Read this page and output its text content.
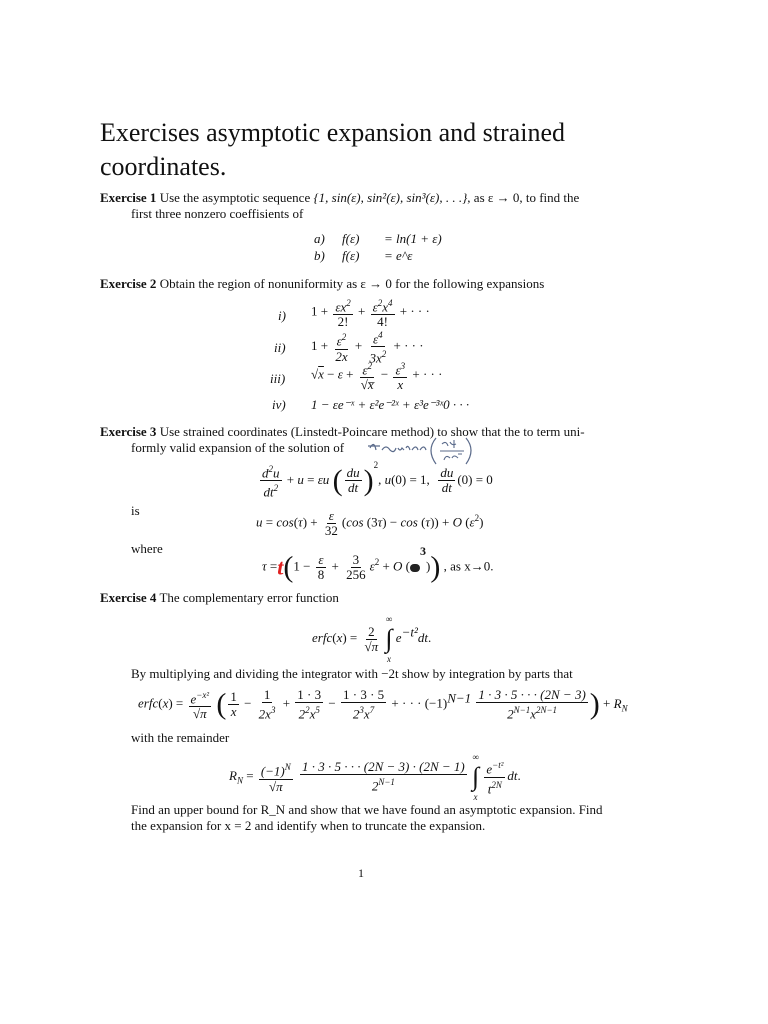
Exercises asymptotic expansion and strained coordinates.
Exercise 1 Use the asymptotic sequence {1, sin(ε), sin²(ε), sin³(ε), . . .}, as ε → 0, to find the
first three nonzero coeffisients of
a) f(ε) = ln(1 + ε)
b) f(ε) = e^ε
Exercise 2 Obtain the region of nonuniformity as ε → 0 for the following expansions
i) $1 + \frac{\varepsilon x^2}{2!} + \frac{\varepsilon^2x^4}{4!}$ + · · ·
ii) $1 + \frac{\varepsilon^2}{2x} + \frac{\varepsilon^4}{3x^2}$ + · · ·
iii) $√x - \varepsilon + \frac{\varepsilon^2}{√x̅} - \frac{\varepsilon^3}{x}$ + · · ·
iv) 1 − εe⁻ˣ + ε²e⁻²ˣ + ε³e⁻³ˣ0 · · ·
Exercise 3 Use strained coordinates (Linstedt-Poincare method) to show that the to term uni-
formly valid expansion of the solution of
$\frac{d^2u}{dt^2} + u = \varepsilon u$ ( $\frac{du}{dt} )^2$, u(0) = 1, $\frac{du}{dt} (0) = 0$
is
$u = \cos(\tau) + \frac{\varepsilon}{32} (\cos$ (3τ) − cos (τ)) + O $(\varepsilon^2)$
where
$\tau =t(1 - \frac{\varepsilon}{8} + \frac{3}{256} \varepsilon^2 + O$ ($^3$)) , as x→0.
Exercise 4 The complementary error function
erfc(x) = $\frac{2}{√\pi}$

∞
∫
x
$e^{-t^2}dt$.
By multiplying and dividing the integrator with −2t show by integration by parts that
erfc(x) = $\frac{e^{-x^2}}{√\pi}$ ( $\frac{1}{x} - \frac{1}{2x^3} + \frac{1 \cdot 3}{2^2x^5} - \frac{1 \cdot 3 \cdot 5}{2^3x^7}$ + · · · $(-1)^{N-1} \frac{1 \cdot 3 \cdot 5 \cdot \cdot \cdot (2N - 3)}{2^{N-1}x^{2N-1}}$ ) + $R_N$
with the remainder
$R_N = \frac{(-1)^N}{√\pi}$
$\frac{1 \cdot 3 \cdot 5 \cdot \cdot \cdot (2N - 3) \cdot (2N - 1)}{2^{N-1}}$

∞
∫
x

$\frac{e^{-t^2}}{t^{2N}}$ dt.
Find an upper bound for R_N and show that we have found an asymptotic expansion. Find
the expansion for x = 2 and identify when to truncate the expansion.
1
